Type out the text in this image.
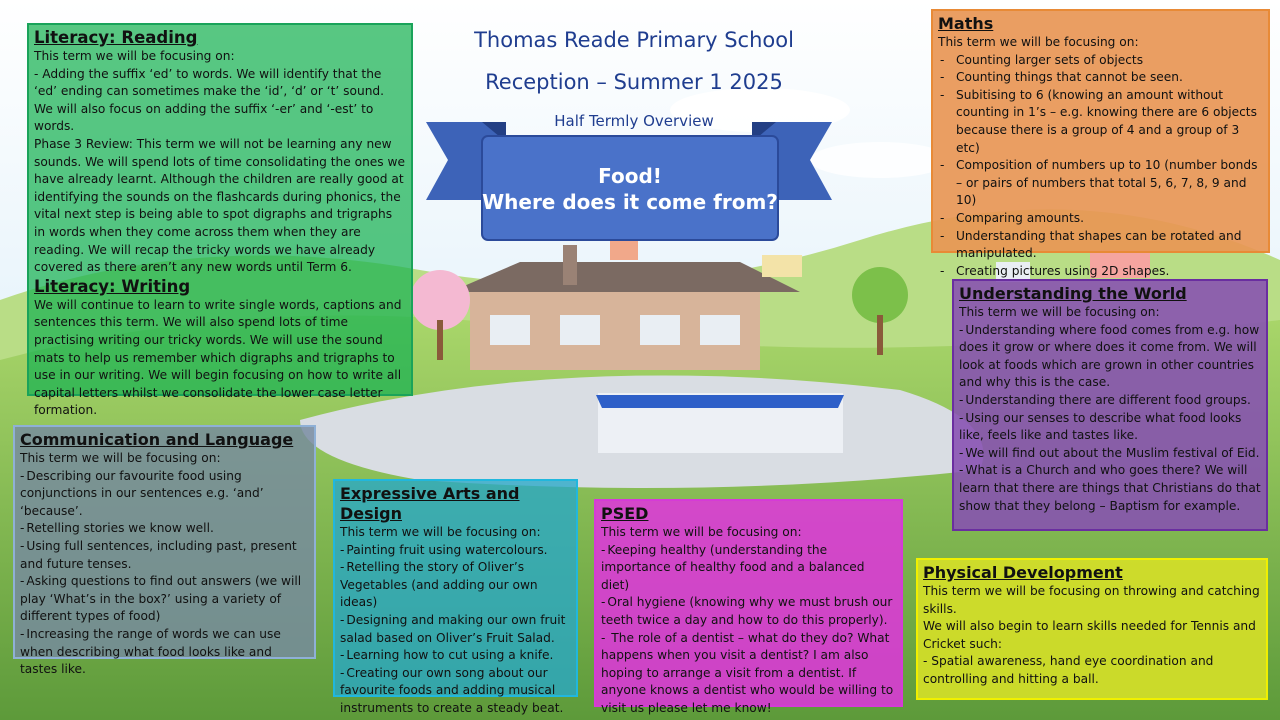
Thomas Reade Primary School
Reception – Summer 1 2025
Half Termly Overview
Food!
Where does it come from?
Literacy: Reading

This term we will be focusing on:

- Adding the suffix ‘ed’ to words. We will identify that the ‘ed’ ending can sometimes make the ‘id’, ‘d’ or ‘t’ sound. We will also focus on adding the suffix ‘-er’ and ‘-est’ to words.

Phase 3 Review: This term we will not be learning any new sounds. We will spend lots of time consolidating the ones we have already learnt. Although the children are really good at identifying the sounds on the flashcards during phonics, the vital next step is being able to spot digraphs and trigraphs in words when they come across them when they are reading. We will recap the tricky words we have already covered as there aren’t any new words until Term 6.

Literacy: Writing

We will continue to learn to write single words, captions and sentences this term. We will also spend lots of time practising writing our tricky words. We will use the sound mats to help us remember which digraphs and trigraphs to use in our writing. We will begin focusing on how to write all capital letters whilst we consolidate the lower case letter formation.

Communication and Language

This term we will be focusing on:

- Describing our favourite food using conjunctions in our sentences e.g. ‘and’ ‘because’.
- Retelling stories we know well.
- Using full sentences, including past, present and future tenses.
- Asking questions to find out answers (we will play ‘What’s in the box?’ using a variety of different types of food)
- Increasing the range of words we can use when describing what food looks like and tastes like.
Expressive Arts and Design

This term we will be focusing on:

- Painting fruit using watercolours.
- Retelling the story of Oliver’s Vegetables (and adding our own ideas)
- Designing and making our own fruit salad based on Oliver’s Fruit Salad.
- Learning how to cut using a knife.
- Creating our own song about our favourite foods and adding musical instruments to create a steady beat.
PSED

This term we will be focusing on:

- Keeping healthy (understanding the importance of healthy food and a balanced diet)
- Oral hygiene (knowing why we must brush our teeth twice a day and how to do this properly).
- The role of a dentist – what do they do? What happens when you visit a dentist? I am also hoping to arrange a visit from a dentist. If anyone knows a dentist who would be willing to visit us please let me know!
Maths

This term we will be focusing on:

- Counting larger sets of objects
- Counting things that cannot be seen.
- Subitising to 6 (knowing an amount without counting in 1’s – e.g. knowing there are 6 objects because there is a group of 4 and a group of 3 etc)
- Composition of numbers up to 10 (number bonds – or pairs of numbers that total 5, 6, 7, 8, 9 and 10)
- Comparing amounts.
- Understanding that shapes can be rotated and manipulated.
- Creating pictures using 2D shapes.
Understanding the World

This term we will be focusing on:

- Understanding where food comes from e.g. how does it grow or where does it come from. We will look at foods which are grown in other countries and why this is the case.
- Understanding there are different food groups.
- Using our senses to describe what food looks like, feels like and tastes like.
- We will find out about the Muslim festival of Eid.
- What is a Church and who goes there? We will learn that there are things that Christians do that show that they belong – Baptism for example.
Physical Development

This term we will be focusing on throwing and catching skills.

We will also begin to learn skills needed for Tennis and Cricket such:

- Spatial awareness, hand eye coordination and controlling and hitting a ball.
